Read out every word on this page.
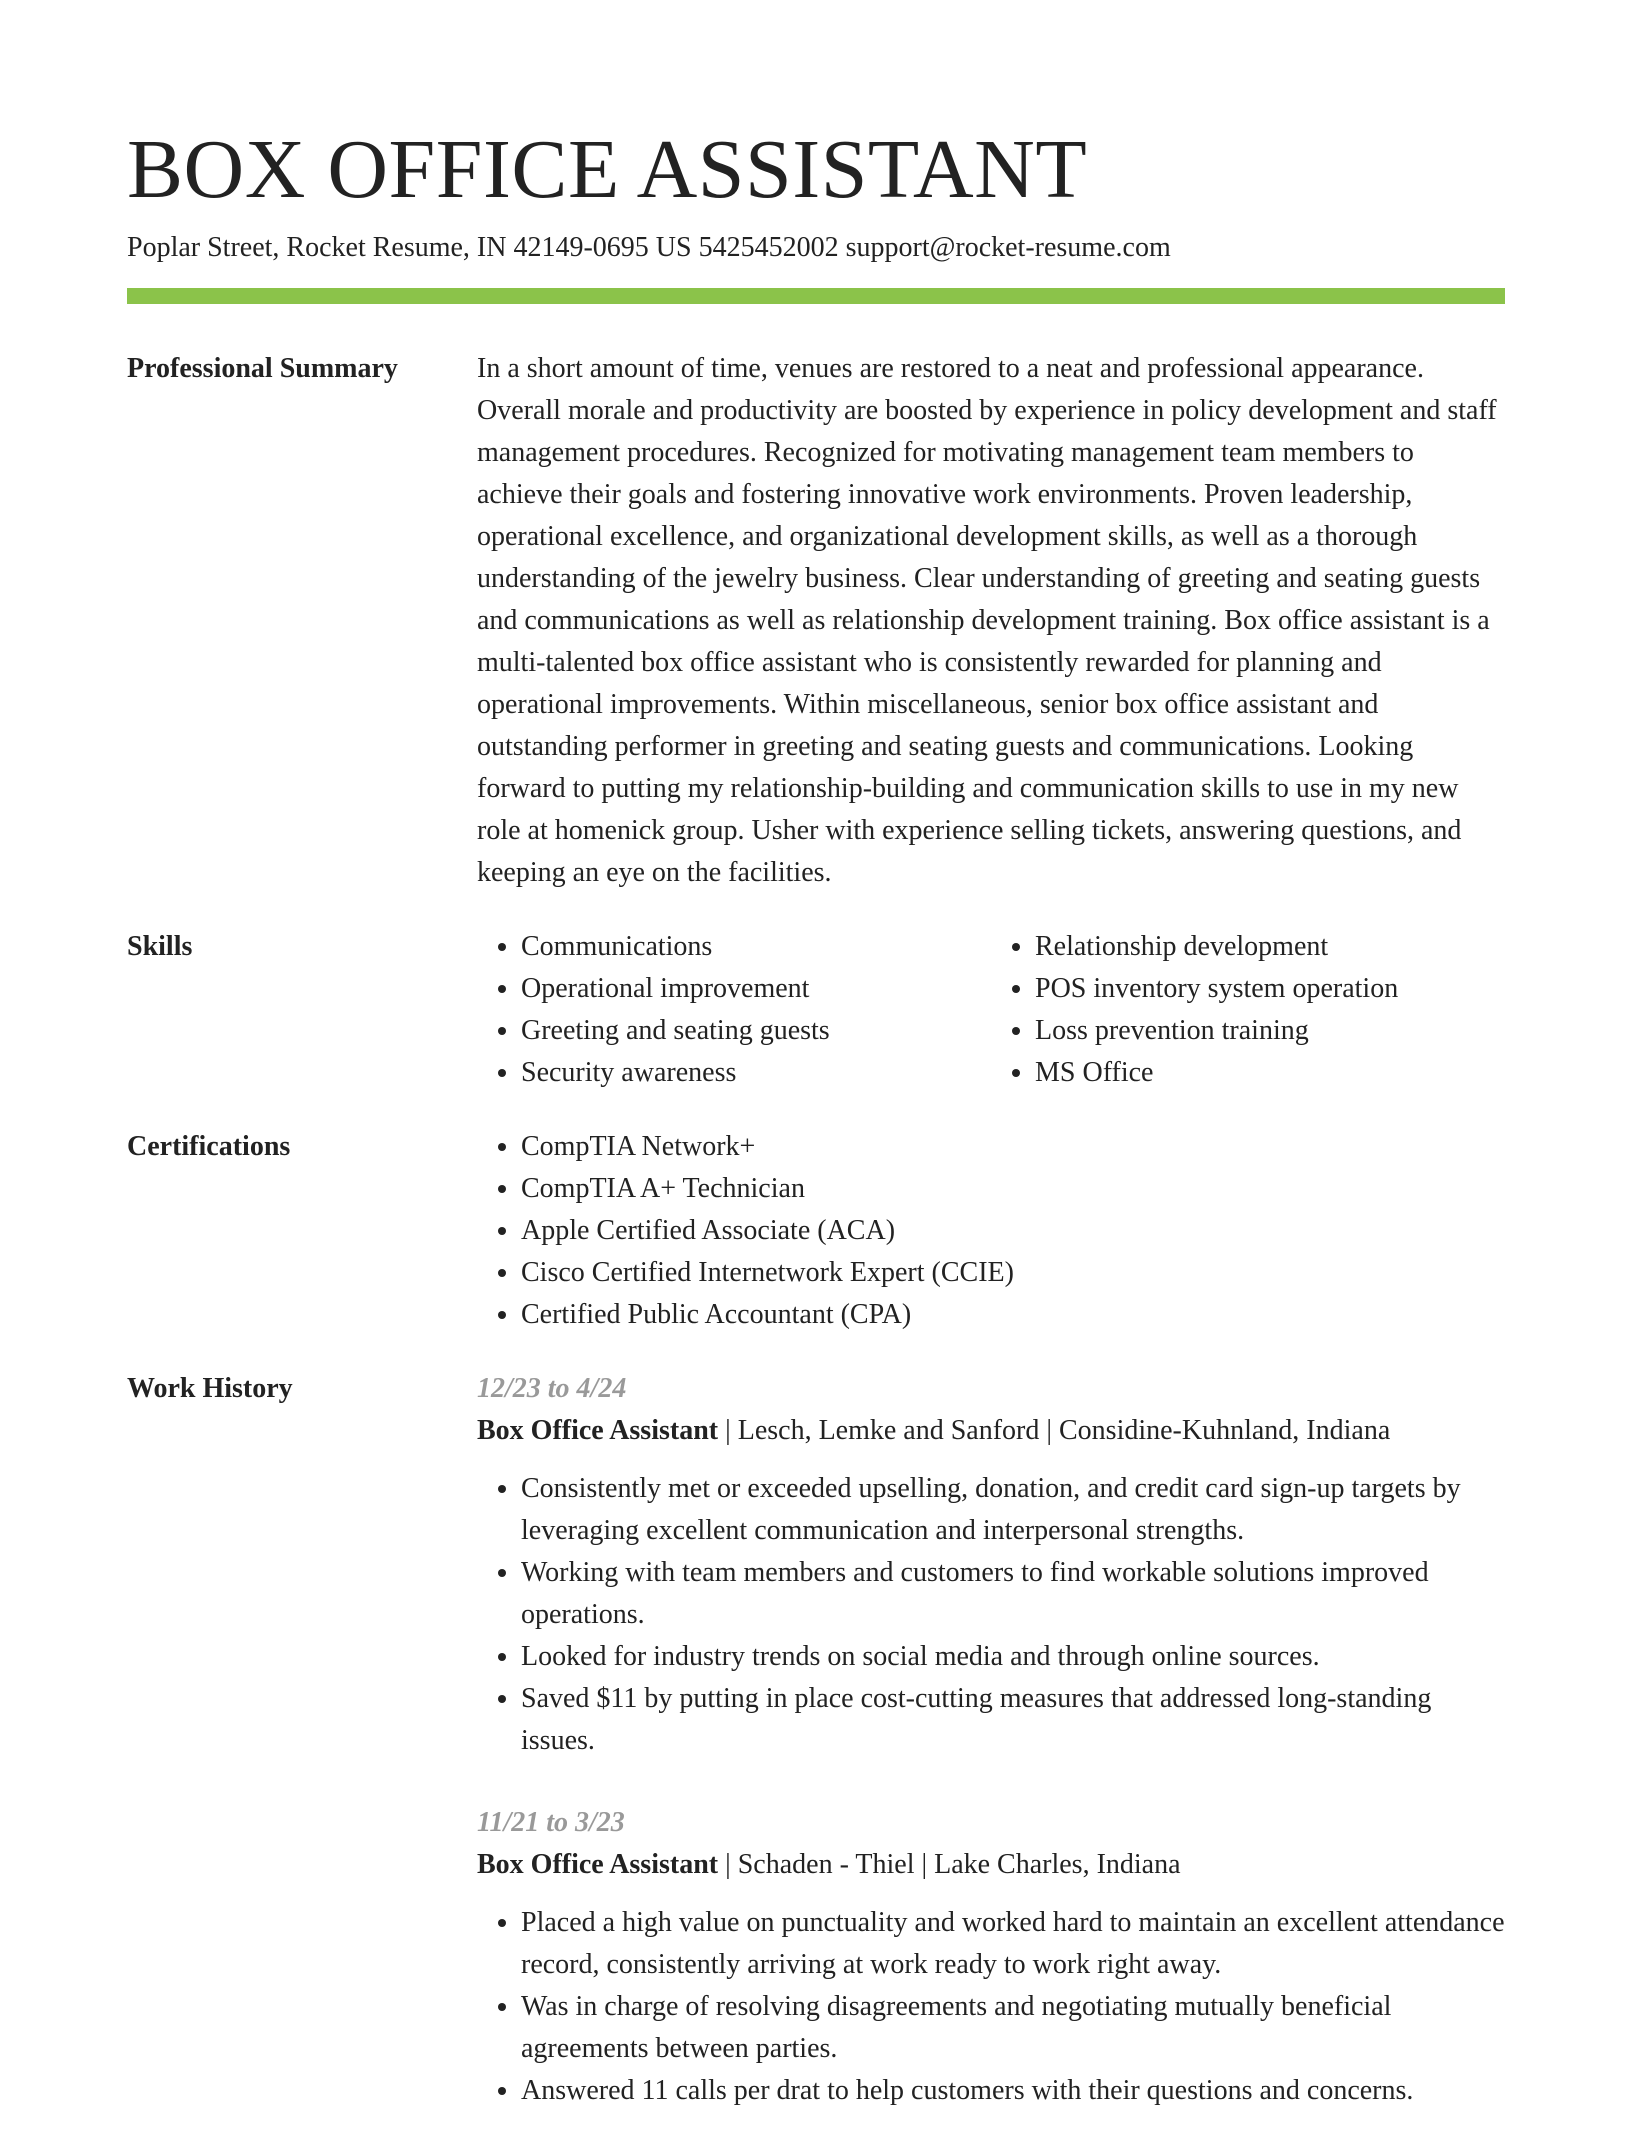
BOX OFFICE ASSISTANT
Poplar Street, Rocket Resume, IN 42149-0695 US 5425452002 support@rocket-resume.com
Professional Summary	In a short amount of time, venues are restored to a neat and professional appearance. Overall morale and productivity are boosted by experience in policy development and staff management procedures. Recognized for motivating management team members to achieve their goals and fostering innovative work environments. Proven leadership, operational excellence, and organizational development skills, as well as a thorough understanding of the jewelry business. Clear understanding of greeting and seating guests and communications as well as relationship development training. Box office assistant is a multi-talented box office assistant who is consistently rewarded for planning and operational improvements. Within miscellaneous, senior box office assistant and outstanding performer in greeting and seating guests and communications. Looking forward to putting my relationship-building and communication skills to use in my new role at homenick group. Usher with experience selling tickets, answering questions, and keeping an eye on the facilities.

Skills	• Communications
• Operational improvement
• Greeting and seating guests
• Security awareness
• Relationship development
• POS inventory system operation
• Loss prevention training
• MS Office
Certifications	• CompTIA Network+
• CompTIA A+ Technician
• Apple Certified Associate (ACA)
• Cisco Certified Internetwork Expert (CCIE)
• Certified Public Accountant (CPA)
Work History	12/23 to 4/24
Box Office Assistant | Lesch, Lemke and Sanford | Considine-Kuhnland, Indiana
• Consistently met or exceeded upselling, donation, and credit card sign-up targets by leveraging excellent communication and interpersonal strengths.
• Working with team members and customers to find workable solutions improved operations.
• Looked for industry trends on social media and through online sources.
• Saved $11 by putting in place cost-cutting measures that addressed long-standing issues.
11/21 to 3/23
Box Office Assistant | Schaden - Thiel | Lake Charles, Indiana
• Placed a high value on punctuality and worked hard to maintain an excellent attendance record, consistently arriving at work ready to work right away.
• Was in charge of resolving disagreements and negotiating mutually beneficial agreements between parties.
• Answered 11 calls per drat to help customers with their questions and concerns.
